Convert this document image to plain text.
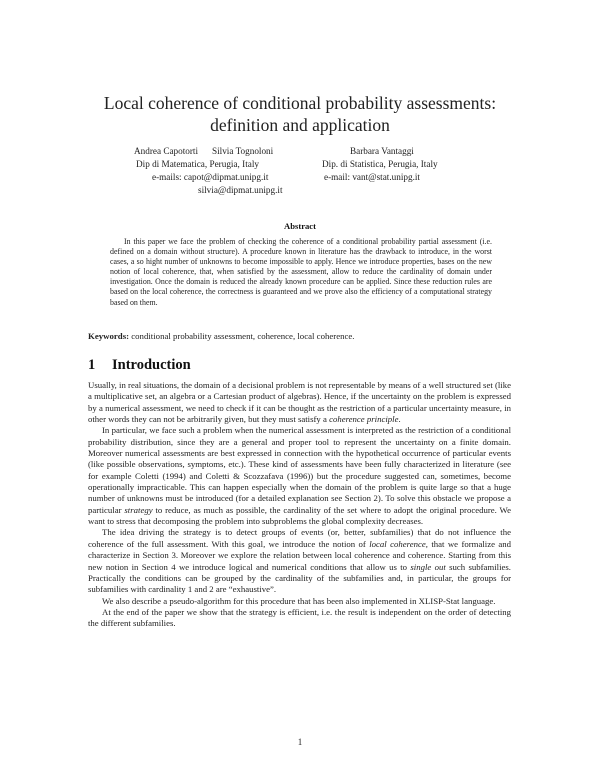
Local coherence of conditional probability assessments:
definition and application
Andrea Capotorti Silvia Tognoloni	Barbara Vantaggi
Dip di Matematica, Perugia, Italy	Dip. di Statistica, Perugia, Italy
e-mails: capot@dipmat.unipg.it	e-mail: vant@stat.unipg.it
silvia@dipmat.unipg.it
Abstract

In this paper we face the problem of checking the coherence of a conditional probability partial assessment (i.e. defined on a domain without structure). A procedure known in literature has the drawback to introduce, in the worst cases, a so hight number of unknowns to become impossible to apply. Hence we introduce properties, bases on the new notion of local coherence, that, when satisfied by the assessment, allow to reduce the cardinality of domain under investigation. Once the domain is reduced the already known procedure can be applied. Since these reduction rules are based on the local coherence, the correctness is guaranteed and we prove also the efficiency of a computational strategy based on them.

Keywords: conditional probability assessment, coherence, local coherence.
1 Introduction

Usually, in real situations, the domain of a decisional problem is not representable by means of a well structured set (like a multiplicative set, an algebra or a Cartesian product of algebras). Hence, if the uncertainty on the problem is expressed by a numerical assessment, we need to check if it can be thought as the restriction of a particular uncertainty measure, in other words they can not be arbitrarily given, but they must satisfy a coherence principle.

In particular, we face such a problem when the numerical assessment is interpreted as the restriction of a conditional probability distribution, since they are a general and proper tool to represent the uncertainty on a finite domain. Moreover numerical assessments are best expressed in connection with the hypothetical occurrence of particular events (like possible observations, symptoms, etc.). These kind of assessments have been fully characterized in literature (see for example Coletti (1994) and Coletti & Scozzafava (1996)) but the procedure suggested can, sometimes, become operationally impracticable. This can happen especially when the domain of the problem is quite large so that a huge number of unknowns must be introduced (for a detailed explanation see Section 2). To solve this obstacle we propose a particular strategy to reduce, as much as possible, the cardinality of the set where to adopt the original procedure. We want to stress that decomposing the problem into subproblems the global complexity decreases.

The idea driving the strategy is to detect groups of events (or, better, subfamilies) that do not influence the coherence of the full assessment. With this goal, we introduce the notion of local coherence, that we formalize and characterize in Section 3. Moreover we explore the relation between local coherence and coherence. Starting from this new notion in Section 4 we introduce logical and numerical conditions that allow us to single out such subfamilies. Practically the conditions can be grouped by the cardinality of the subfamilies and, in particular, the groups for subfamilies with cardinality 1 and 2 are “exhaustive”.

We also describe a pseudo-algorithm for this procedure that has been also implemented in XLISP-Stat language.

At the end of the paper we show that the strategy is efficient, i.e. the result is independent on the order of detecting the different subfamilies.

1
